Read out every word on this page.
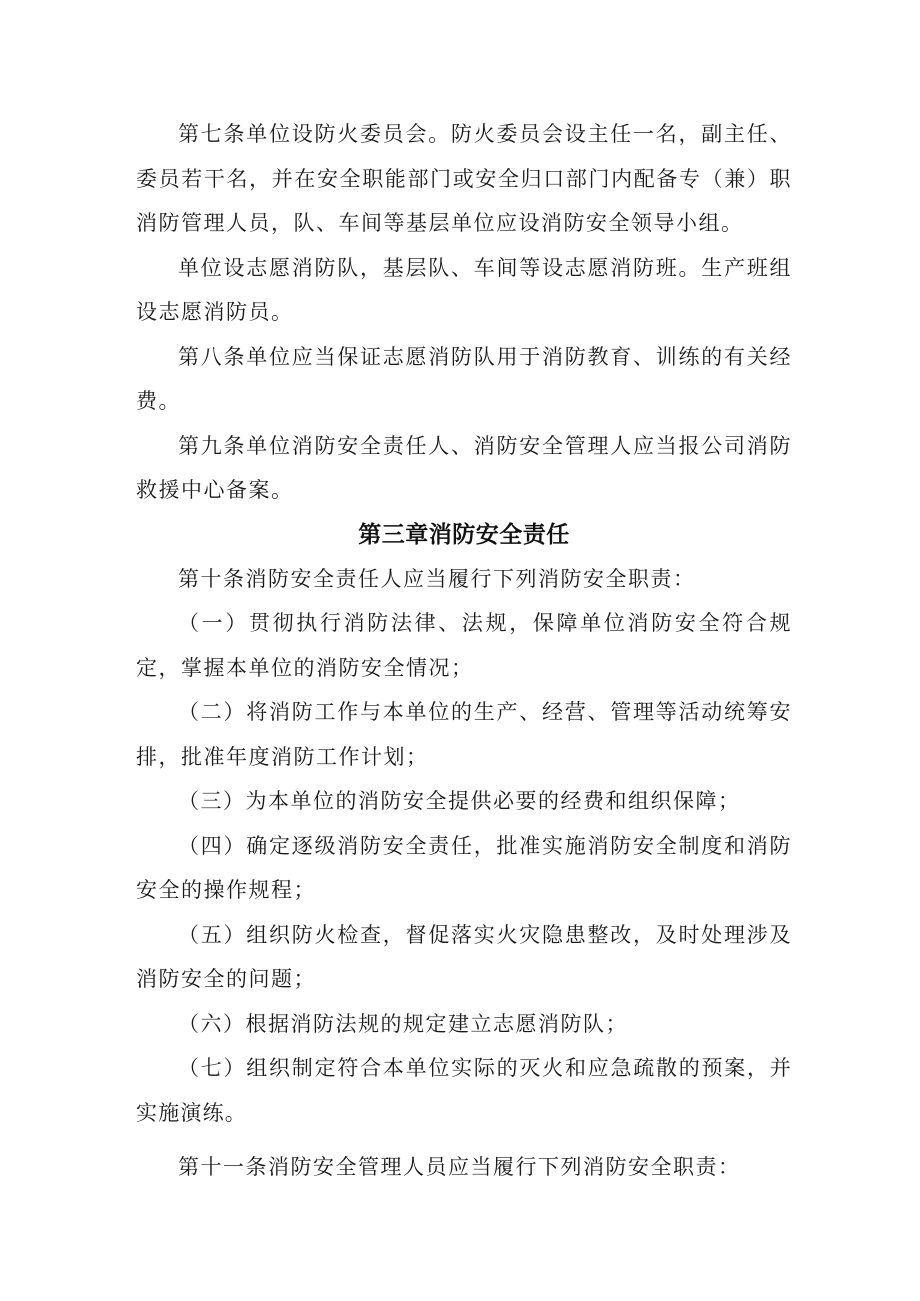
第七条单位设防火委员会。防火委员会设主任一名，副主任、委员若干名，并在安全职能部门或安全归口部门内配备专（兼）职消防管理人员，队、车间等基层单位应设消防安全领导小组。

单位设志愿消防队，基层队、车间等设志愿消防班。生产班组设志愿消防员。

第八条单位应当保证志愿消防队用于消防教育、训练的有关经费。

第九条单位消防安全责任人、消防安全管理人应当报公司消防救援中心备案。

第三章消防安全责任

第十条消防安全责任人应当履行下列消防安全职责：

（一）贯彻执行消防法律、法规，保障单位消防安全符合规定，掌握本单位的消防安全情况；

（二）将消防工作与本单位的生产、经营、管理等活动统筹安排，批准年度消防工作计划；

（三）为本单位的消防安全提供必要的经费和组织保障；

（四）确定逐级消防安全责任，批准实施消防安全制度和消防安全的操作规程；

（五）组织防火检查，督促落实火灾隐患整改，及时处理涉及消防安全的问题；

（六）根据消防法规的规定建立志愿消防队；

（七）组织制定符合本单位实际的灭火和应急疏散的预案，并实施演练。

第十一条消防安全管理人员应当履行下列消防安全职责：
